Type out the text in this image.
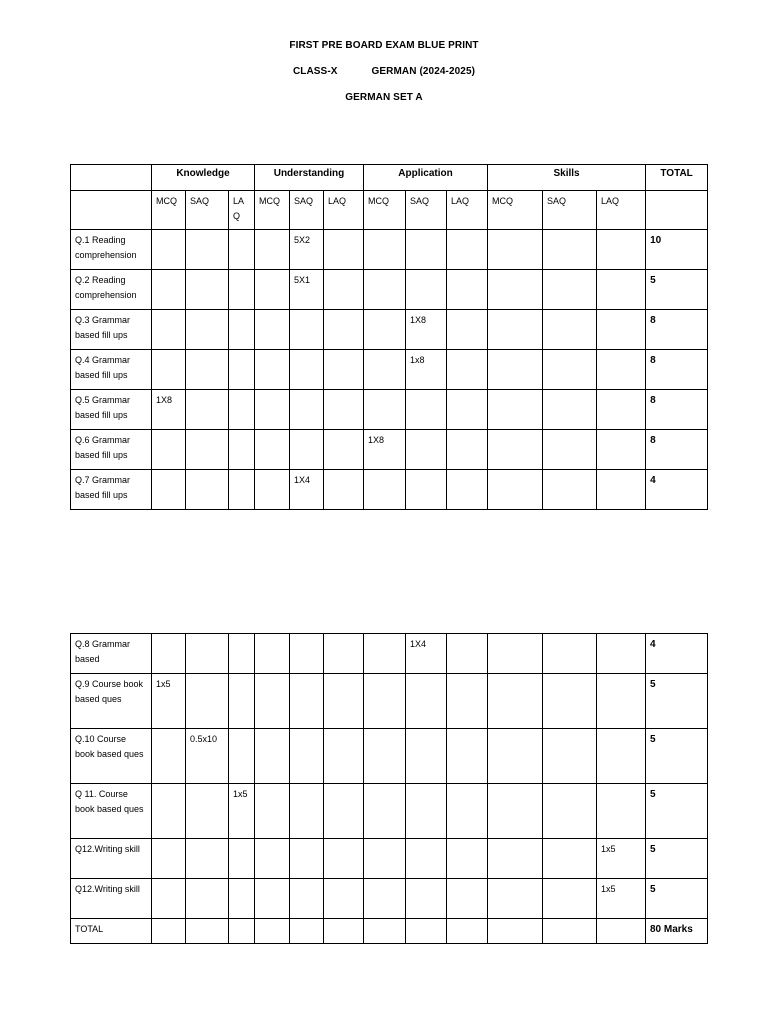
FIRST PRE BOARD EXAM BLUE PRINT
CLASS-X	GERMAN (2024-2025)
GERMAN SET A
	Knowledge			Understanding			Application			Skills			TOTAL
	MCQ	SAQ	LA Q	MCQ	SAQ	LAQ	MCQ	SAQ	LAQ	MCQ	SAQ	LAQ	
Q.1 Reading comprehension					5X2								10
Q.2 Reading comprehension					5X1								5
Q.3 Grammar based fill ups								1X8					8
Q.4 Grammar based fill ups								1x8					8
Q.5 Grammar based fill ups	1X8												8
Q.6 Grammar based fill ups							1X8						8
Q.7 Grammar based fill ups					1X4								4
Q.8 Grammar based								1X4					4
Q.9 Course book based ques	1x5												5
Q.10 Course book based ques		0.5x10											5
Q 11. Course book based ques			1x5										5
Q12.Writing skill												1x5	5
Q12.Writing skill												1x5	5
TOTAL													80 Marks
